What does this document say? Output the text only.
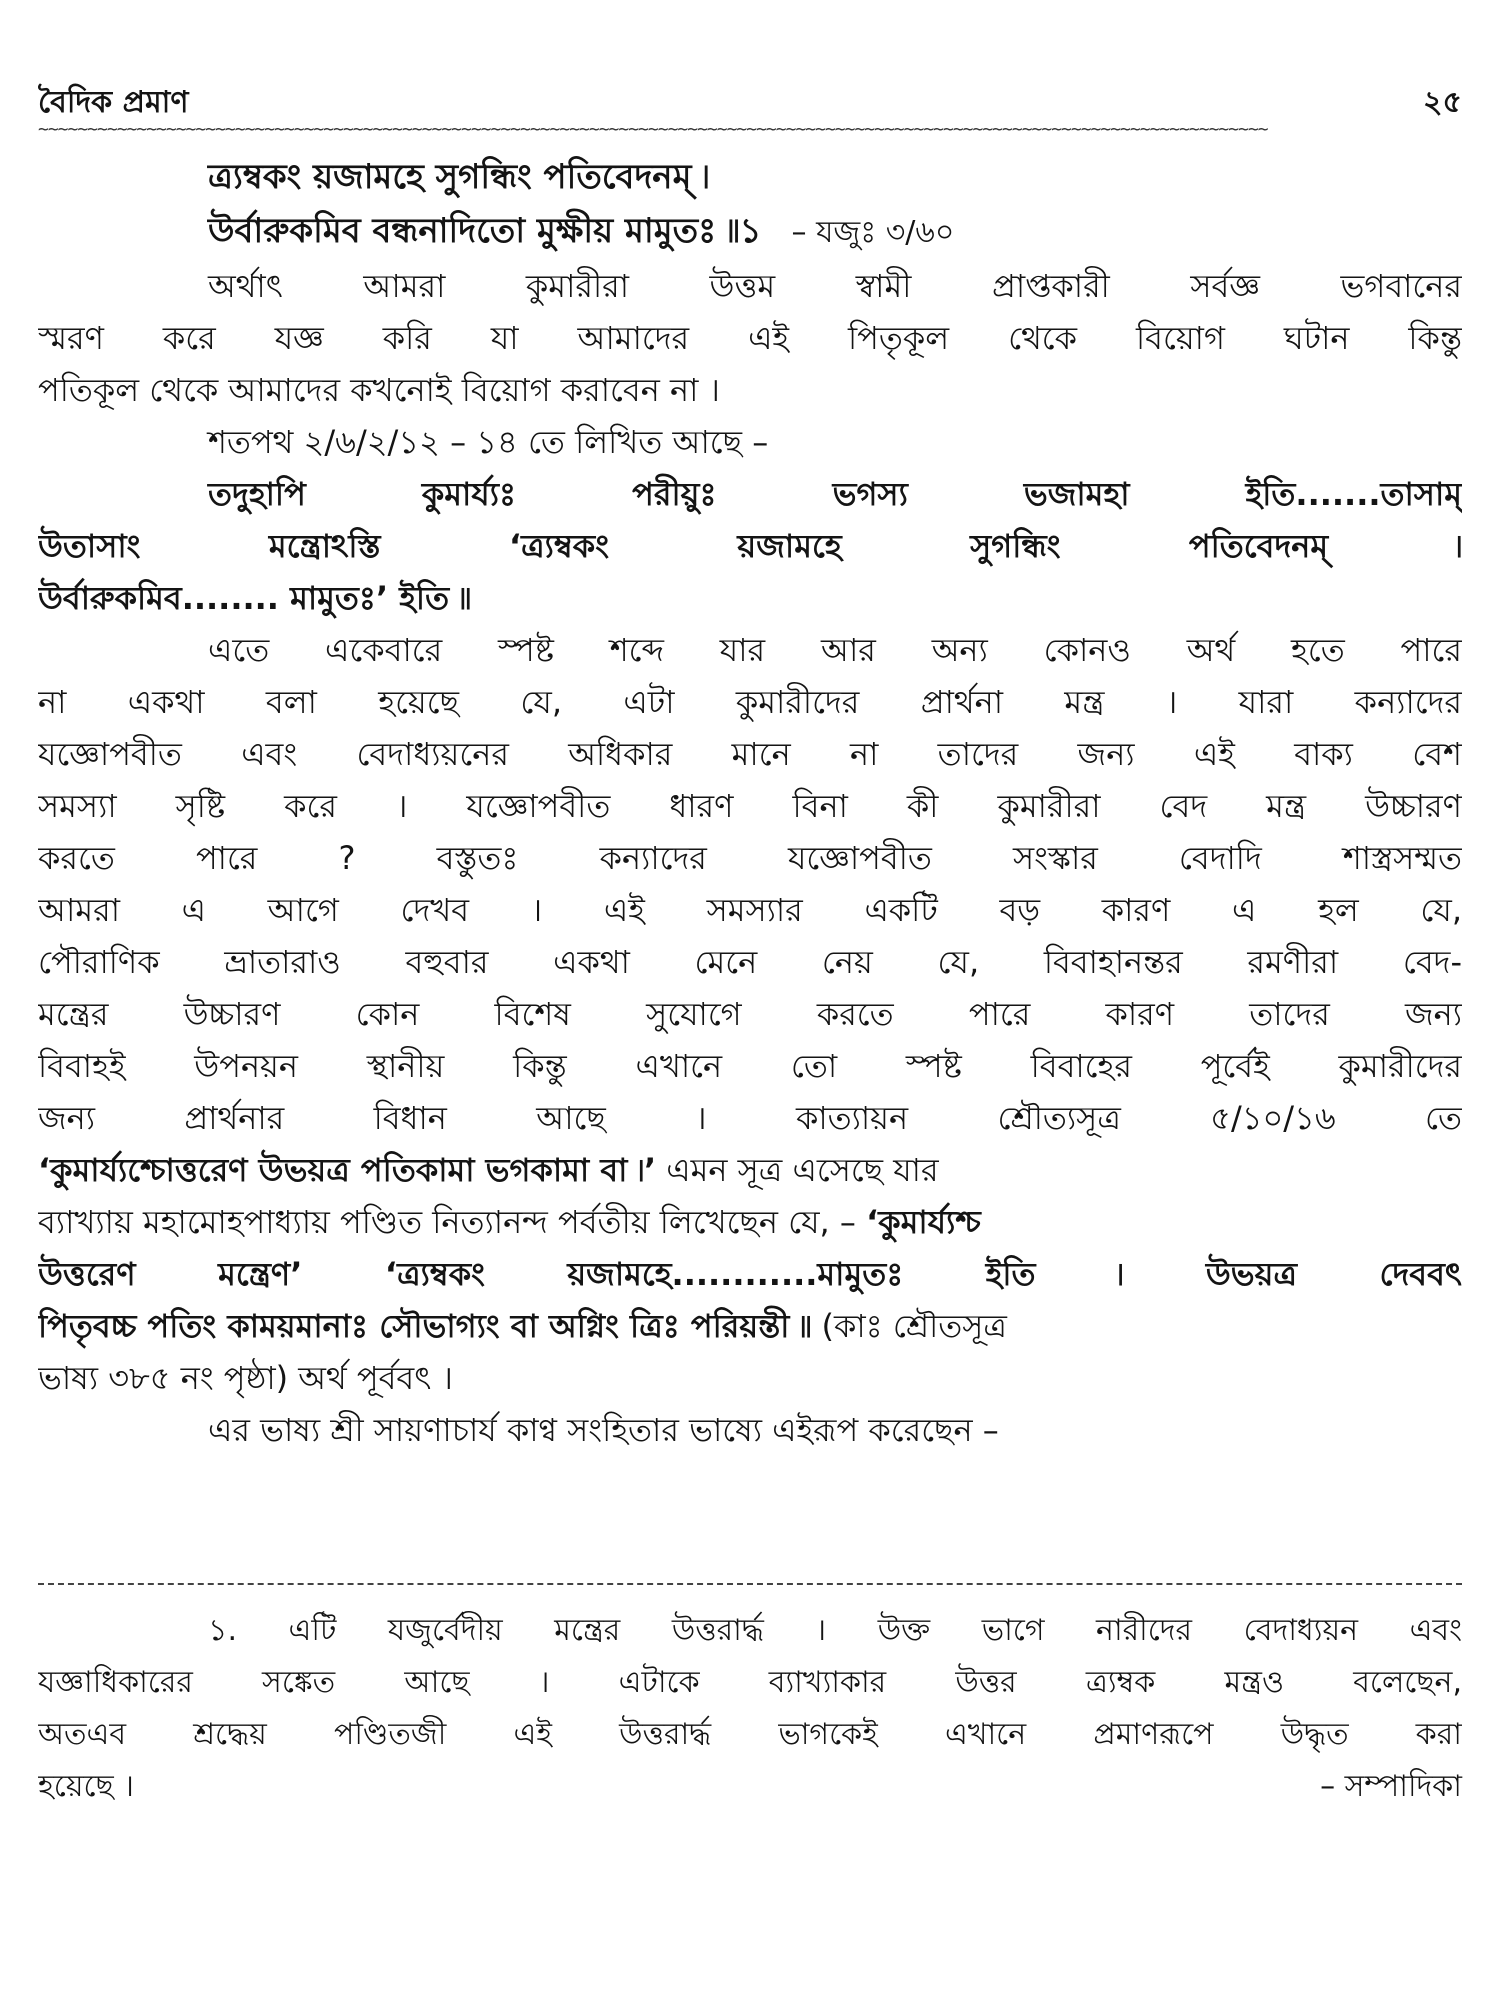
বৈদিক প্রমাণ	২৫
~~~~~~~~~~~~~~~~~~~~~~~~~~~~~~~~~~~~~~~~~~~~~~~~~~~~~~~~~~~~~~~~~~~~~~~~~~~~~~~~~~~~~~~~~~~~~~~~~~~~~~~~~~~~~~~~~~~~~~~~~~~~~
ত্র্যম্বকং য়জামহে সুগন্ধিং পতিবেদনম্ ৷
উর্বারুকমিব বন্ধনাদিতো মুক্ষীয় মামুতঃ ৷৷১ – যজুঃ ৩/৬০
অর্থাৎ আমরা কুমারীরা উত্তম স্বামী প্রাপ্তকারী সর্বজ্ঞ ভগবানের
স্মরণ করে যজ্ঞ করি যা আমাদের এই পিতৃকূল থেকে বিয়োগ ঘটান কিন্তু
পতিকূল থেকে আমাদের কখনোই বিয়োগ করাবেন না ।
শতপথ ২/৬/২/১২ – ১৪ তে লিখিত আছে –
তদুহাপি কুমার্য্যঃ পরীয়ুঃ ভগস্য ভজামহা ইতি.......তাসাম্
উতাসাং মন্ত্রোঽস্তি ‘ত্র্যম্বকং য়জামহে সুগন্ধিং পতিবেদনম্ ৷
উর্বারুকমিব........ মামুতঃ’ ইতি ৷৷
এতে একেবারে স্পষ্ট শব্দে যার আর অন্য কোনও অর্থ হতে পারে
না একথা বলা হয়েছে যে, এটা কুমারীদের প্রার্থনা মন্ত্র । যারা কন্যাদের
যজ্ঞোপবীত এবং বেদাধ্যয়নের অধিকার মানে না তাদের জন্য এই বাক্য বেশ
সমস্যা সৃষ্টি করে । যজ্ঞোপবীত ধারণ বিনা কী কুমারীরা বেদ মন্ত্র উচ্চারণ
করতে পারে ? বস্তুতঃ কন্যাদের যজ্ঞোপবীত সংস্কার বেদাদি শাস্ত্রসম্মত
আমরা এ আগে দেখব । এই সমস্যার একটি বড় কারণ এ হল যে,
পৌরাণিক ভ্রাতারাও বহুবার একথা মেনে নেয় যে, বিবাহানন্তর রমণীরা বেদ-
মন্ত্রের উচ্চারণ কোন বিশেষ সুযোগে করতে পারে কারণ তাদের জন্য
বিবাহই উপনয়ন স্থানীয় কিন্তু এখানে তো স্পষ্ট বিবাহের পূর্বেই কুমারীদের
জন্য প্রার্থনার বিধান আছে । কাত্যায়ন শ্রৌত্যসূত্র ৫/১০/১৬ তে
‘কুমার্য্যশ্চোত্তরেণ উভয়ত্র পতিকামা ভগকামা বা ৷’ এমন সূত্র এসেছে যার
ব্যাখ্যায় মহামোহপাধ্যায় পণ্ডিত নিত্যানন্দ পর্বতীয় লিখেছেন যে, – ‘কুমার্য্যশ্চ
উত্তরেণ মন্ত্রেণ’ ‘ত্র্যম্বকং য়জামহে............মামুতঃ ইতি ৷ উভয়ত্র দেববৎ
পিতৃবচ্চ পতিং কাময়মানাঃ সৌভাগ্যং বা অগ্নিং ত্রিঃ পরিয়ন্তী ৷৷ (কাঃ শ্রৌতসূত্র
ভাষ্য ৩৮৫ নং পৃষ্ঠা) অর্থ পূর্ববৎ ।
এর ভাষ্য শ্রী সায়ণাচার্য কাণ্ব সংহিতার ভাষ্যে এইরূপ করেছেন –
১. এটি যজুর্বেদীয় মন্ত্রের উত্তরার্দ্ধ । উক্ত ভাগে নারীদের বেদাধ্যয়ন এবং
যজ্ঞাধিকারের সঙ্কেত আছে । এটাকে ব্যাখ্যাকার উত্তর ত্র্যম্বক মন্ত্রও বলেছেন,
অতএব শ্রদ্ধেয় পণ্ডিতজী এই উত্তরার্দ্ধ ভাগকেই এখানে প্রমাণরূপে উদ্ধৃত করা
হয়েছে ।	– সম্পাদিকা
